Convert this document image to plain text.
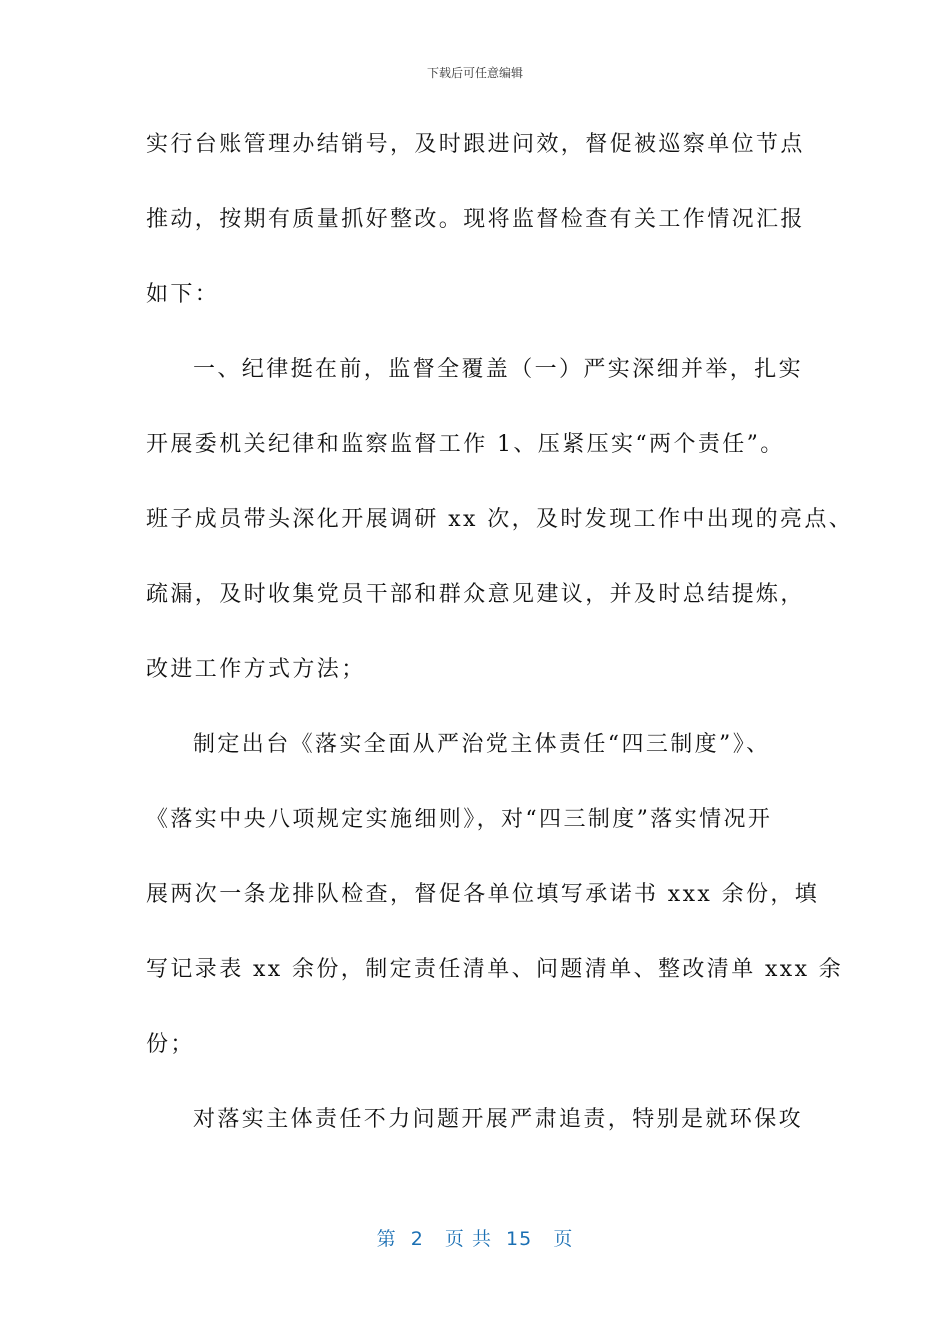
下载后可任意编辑
实行台账管理办结销号，及时跟进问效，督促被巡察单位节点
推动，按期有质量抓好整改。现将监督检查有关工作情况汇报
如下：
一、纪律挺在前，监督全覆盖（一）严实深细并举，扎实
开展委机关纪律和监察监督工作 1、压紧压实“两个责任”。
班子成员带头深化开展调研 xx 次，及时发现工作中出现的亮点、
疏漏，及时收集党员干部和群众意见建议，并及时总结提炼，
改进工作方式方法；
制定出台《落实全面从严治党主体责任“四三制度”》、
《落实中央八项规定实施细则》，对“四三制度”落实情况开
展两次一条龙排队检查，督促各单位填写承诺书 xxx 余份，填
写记录表 xx 余份，制定责任清单、问题清单、整改清单 xxx 余
份；
对落实主体责任不力问题开展严肃追责，特别是就环保攻
第  2   页 共  15   页
